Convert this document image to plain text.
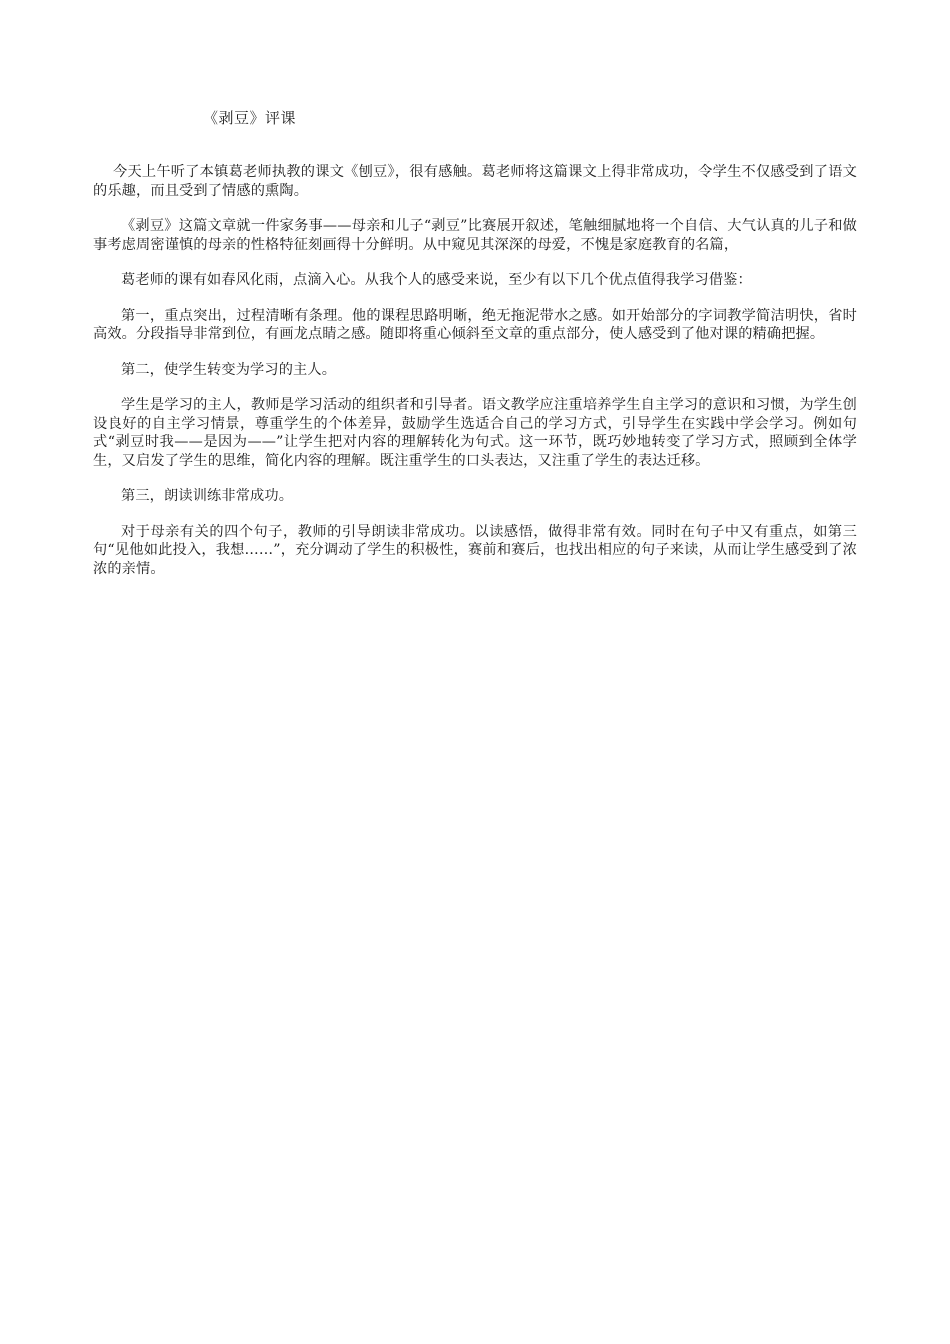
《剥豆》评课

今天上午听了本镇葛老师执教的课文《刨豆》，很有感触。葛老师将这篇课文上得非常成功，令学生不仅感受到了语文的乐趣，而且受到了情感的熏陶。

《剥豆》这篇文章就一件家务事——母亲和儿子“剥豆”比赛展开叙述，笔触细腻地将一个自信、大气认真的儿子和做事考虑周密谨慎的母亲的性格特征刻画得十分鲜明。从中窥见其深深的母爱，不愧是家庭教育的名篇，

葛老师的课有如春风化雨，点滴入心。从我个人的感受来说，至少有以下几个优点值得我学习借鉴：

第一，重点突出，过程清晰有条理。他的课程思路明晰，绝无拖泥带水之感。如开始部分的字词教学简洁明快，省时高效。分段指导非常到位，有画龙点睛之感。随即将重心倾斜至文章的重点部分，使人感受到了他对课的精确把握。

第二，使学生转变为学习的主人。

学生是学习的主人，教师是学习活动的组织者和引导者。语文教学应注重培养学生自主学习的意识和习惯，为学生创设良好的自主学习情景，尊重学生的个体差异，鼓励学生选适合自己的学习方式，引导学生在实践中学会学习。例如句式“剥豆时我——是因为——”让学生把对内容的理解转化为句式。这一环节，既巧妙地转变了学习方式，照顾到全体学生，又启发了学生的思维，简化内容的理解。既注重学生的口头表达，又注重了学生的表达迁移。

第三，朗读训练非常成功。

对于母亲有关的四个句子，教师的引导朗读非常成功。以读感悟，做得非常有效。同时在句子中又有重点，如第三句“见他如此投入，我想……”，充分调动了学生的积极性，赛前和赛后，也找出相应的句子来读，从而让学生感受到了浓浓的亲情。
